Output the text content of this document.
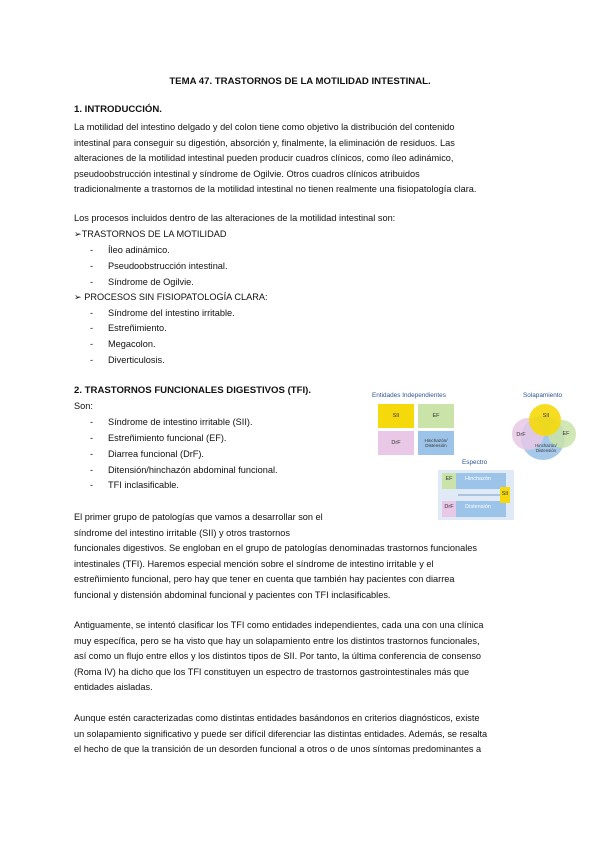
TEMA 47. TRASTORNOS DE LA MOTILIDAD INTESTINAL.
1. INTRODUCCIÓN.
La motilidad del intestino delgado y del colon tiene como objetivo la distribución del contenido
intestinal para conseguir su digestión, absorción y, finalmente, la eliminación de residuos. Las
alteraciones de la motilidad intestinal pueden producir cuadros clínicos, como íleo adinámico,
pseudoobstrucción intestinal y síndrome de Ogilvie. Otros cuadros clínicos atribuidos
tradicionalmente a trastornos de la motilidad intestinal no tienen realmente una fisiopatología clara.
Los procesos incluidos dentro de las alteraciones de la motilidad intestinal son:
➢TRASTORNOS DE LA MOTILIDAD
- Íleo adinámico.
- Pseudoobstrucción intestinal.
- Síndrome de Ogilvie.
➢ PROCESOS SIN FISIOPATOLOGÍA CLARA:
- Síndrome del intestino irritable.
- Estreñimiento.
- Megacolon.
- Diverticulosis.
2. TRASTORNOS FUNCIONALES DIGESTIVOS (TFI).
Son:
- Síndrome de intestino irritable (SII).
- Estreñimiento funcional (EF).
- Diarrea funcional (DrF).
- Ditensión/hinchazón abdominal funcional.
- TFI inclasificable.
Entidades Independientes
SII	EF
DrF	Hinchazón/ Distensión
Solapamiento
SII
DrF	EF
Hinchazón/ Distensión
Espectro
EF
DrF
Hinchazón
Distensión
SII
El primer grupo de patologías que vamos a desarrollar son el
síndrome del intestino irritable (SII) y otros trastornos
funcionales digestivos. Se engloban en el grupo de patologías denominadas trastornos funcionales
intestinales (TFI). Haremos especial mención sobre el síndrome de intestino irritable y el
estreñimiento funcional, pero hay que tener en cuenta que también hay pacientes con diarrea
funcional y distensión abdominal funcional y pacientes con TFI inclasificables.
Antiguamente, se intentó clasificar los TFI como entidades independientes, cada una con una clínica
muy específica, pero se ha visto que hay un solapamiento entre los distintos trastornos funcionales,
así como un flujo entre ellos y los distintos tipos de SII. Por tanto, la última conferencia de consenso
(Roma IV) ha dicho que los TFI constituyen un espectro de trastornos gastrointestinales más que
entidades aisladas.
Aunque estén caracterizadas como distintas entidades basándonos en criterios diagnósticos, existe
un solapamiento significativo y puede ser difícil diferenciar las distintas entidades. Además, se resalta
el hecho de que la transición de un desorden funcional a otros o de unos síntomas predominantes a
